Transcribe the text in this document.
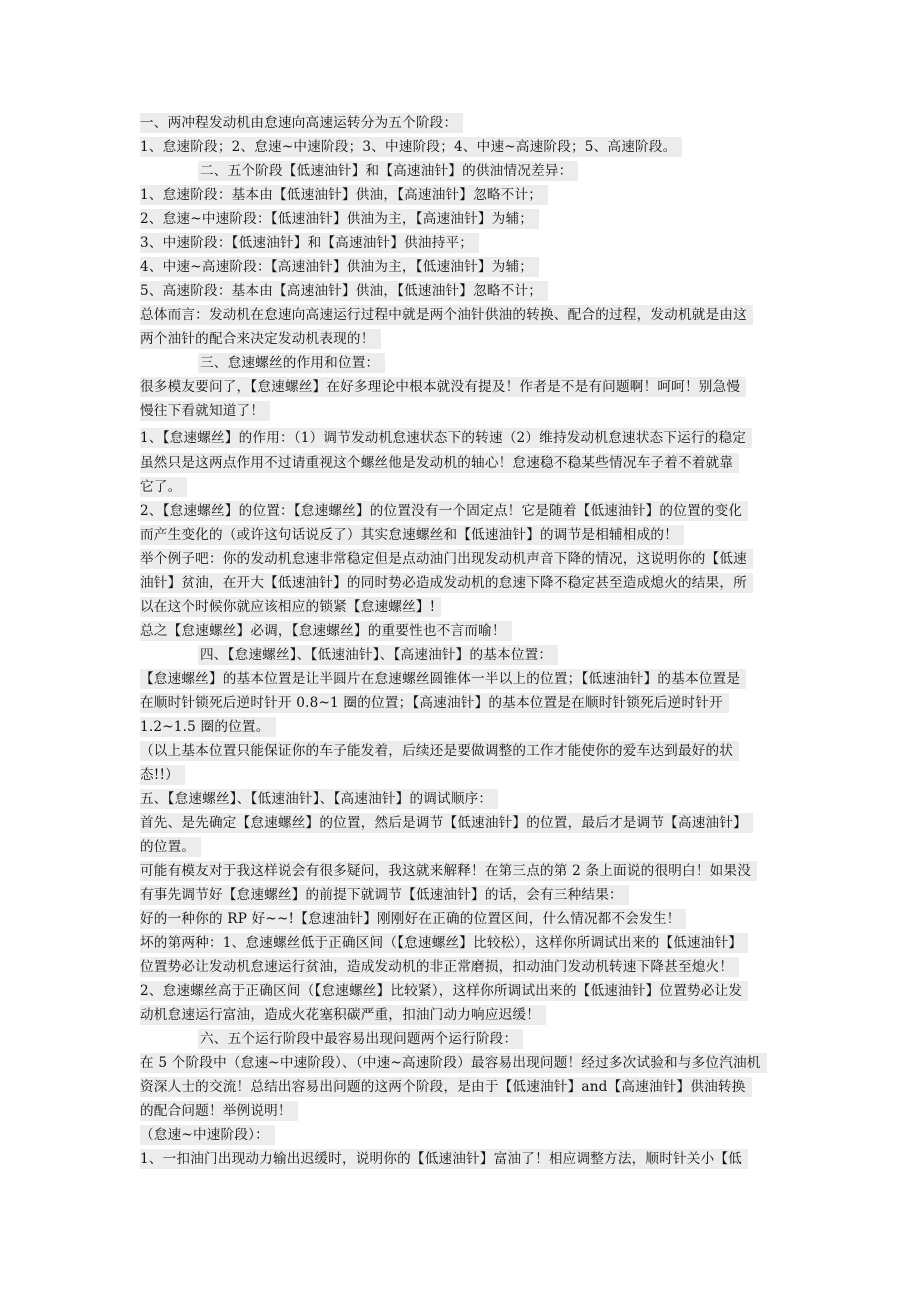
一、两冲程发动机由怠速向高速运转分为五个阶段：
1、怠速阶段；2、怠速~中速阶段；3、中速阶段；4、中速~高速阶段；5、高速阶段。
二、五个阶段【低速油针】和【高速油针】的供油情况差异：
1、怠速阶段：基本由【低速油针】供油，【高速油针】忽略不计；
2、怠速~中速阶段：【低速油针】供油为主，【高速油针】为辅；
3、中速阶段：【低速油针】和【高速油针】供油持平；
4、中速~高速阶段：【高速油针】供油为主，【低速油针】为辅；
5、高速阶段：基本由【高速油针】供油，【低速油针】忽略不计；
总体而言：发动机在怠速向高速运行过程中就是两个油针供油的转换、配合的过程，发动机就是由这
两个油针的配合来决定发动机表现的！
三、怠速螺丝的作用和位置：
很多模友要问了，【怠速螺丝】在好多理论中根本就没有提及！作者是不是有问题啊！呵呵！别急慢
慢往下看就知道了！
1、【怠速螺丝】的作用：（1）调节发动机怠速状态下的转速（2）维持发动机怠速状态下运行的稳定
虽然只是这两点作用不过请重视这个螺丝他是发动机的轴心！怠速稳不稳某些情况车子着不着就靠
它了。
2、【怠速螺丝】的位置：【怠速螺丝】的位置没有一个固定点！它是随着【低速油针】的位置的变化
而产生变化的（或许这句话说反了）其实怠速螺丝和【低速油针】的调节是相辅相成的！
举个例子吧：你的发动机怠速非常稳定但是点动油门出现发动机声音下降的情况，这说明你的【低速
油针】贫油，在开大【低速油针】的同时势必造成发动机的怠速下降不稳定甚至造成熄火的结果，所
以在这个时候你就应该相应的锁紧【怠速螺丝】!
总之【怠速螺丝】必调，【怠速螺丝】的重要性也不言而喻！
四、【怠速螺丝】、【低速油针】、【高速油针】的基本位置：
【怠速螺丝】的基本位置是让半圆片在怠速螺丝圆锥体一半以上的位置；【低速油针】的基本位置是
在顺时针锁死后逆时针开 0.8~1 圈的位置；【高速油针】的基本位置是在顺时针锁死后逆时针开
1.2~1.5 圈的位置。
（以上基本位置只能保证你的车子能发着，后续还是要做调整的工作才能使你的爱车达到最好的状
态!!）
五、【怠速螺丝】、【低速油针】、【高速油针】的调试顺序：
首先、是先确定【怠速螺丝】的位置，然后是调节【低速油针】的位置，最后才是调节【高速油针】
的位置。
可能有模友对于我这样说会有很多疑问，我这就来解释！在第三点的第 2 条上面说的很明白！如果没
有事先调节好【怠速螺丝】的前提下就调节【低速油针】的话，会有三种结果：
好的一种你的 RP 好~~!【怠速油针】刚刚好在正确的位置区间，什么情况都不会发生！
坏的第两种：1、怠速螺丝低于正确区间（【怠速螺丝】比较松），这样你所调试出来的【低速油针】
位置势必让发动机怠速运行贫油，造成发动机的非正常磨损，扣动油门发动机转速下降甚至熄火！
2、怠速螺丝高于正确区间（【怠速螺丝】比较紧），这样你所调试出来的【低速油针】位置势必让发
动机怠速运行富油，造成火花塞积碳严重，扣油门动力响应迟缓！
六、五个运行阶段中最容易出现问题两个运行阶段：
在 5 个阶段中（怠速~中速阶段）、（中速~高速阶段）最容易出现问题！经过多次试验和与多位汽油机
资深人士的交流！总结出容易出问题的这两个阶段，是由于【低速油针】and【高速油针】供油转换
的配合问题！举例说明！
（怠速~中速阶段）：
1、一扣油门出现动力输出迟缓时，说明你的【低速油针】富油了！相应调整方法，顺时针关小【低
